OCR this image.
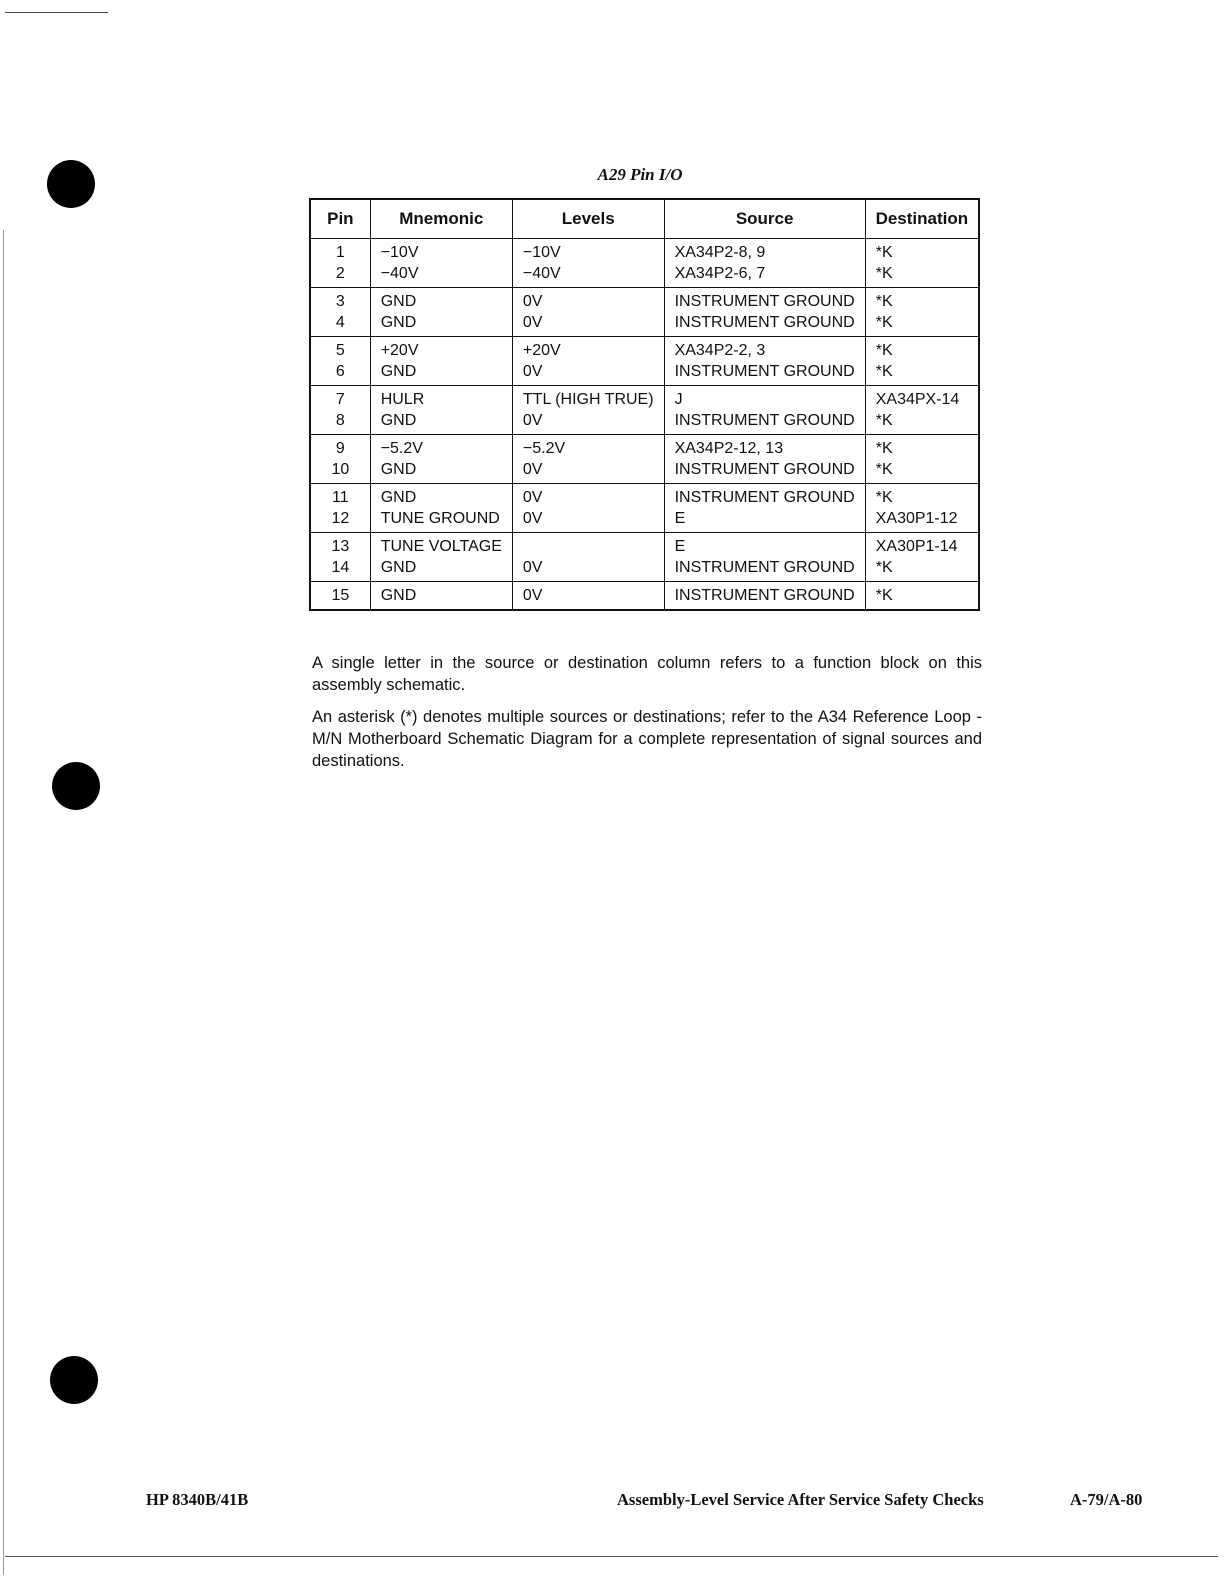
A29 Pin I/O
Pin	Mnemonic	Levels	Source	Destination
1	−10V	−10V	XA34P2-8, 9	*K
2	−40V	−40V	XA34P2-6, 7	*K
3	GND	0V	INSTRUMENT GROUND	*K
4	GND	0V	INSTRUMENT GROUND	*K
5	+20V	+20V	XA34P2-2, 3	*K
6	GND	0V	INSTRUMENT GROUND	*K
7	HULR	TTL (HIGH TRUE)	J	XA34PX-14
8	GND	0V	INSTRUMENT GROUND	*K
9	−5.2V	−5.2V	XA34P2-12, 13	*K
10	GND	0V	INSTRUMENT GROUND	*K
11	GND	0V	INSTRUMENT GROUND	*K
12	TUNE GROUND	0V	E	XA30P1-12
13	TUNE VOLTAGE		E	XA30P1-14
14	GND	0V	INSTRUMENT GROUND	*K
15	GND	0V	INSTRUMENT GROUND	*K

A single letter in the source or destination column refers to a function block on this assembly schematic.

An asterisk (*) denotes multiple sources or destinations; refer to the A34 Reference Loop - M/N Motherboard Schematic Diagram for a complete representation of signal sources and destinations.

HP 8340B/41B	Assembly-Level Service After Service Safety Checks	A-79/A-80
